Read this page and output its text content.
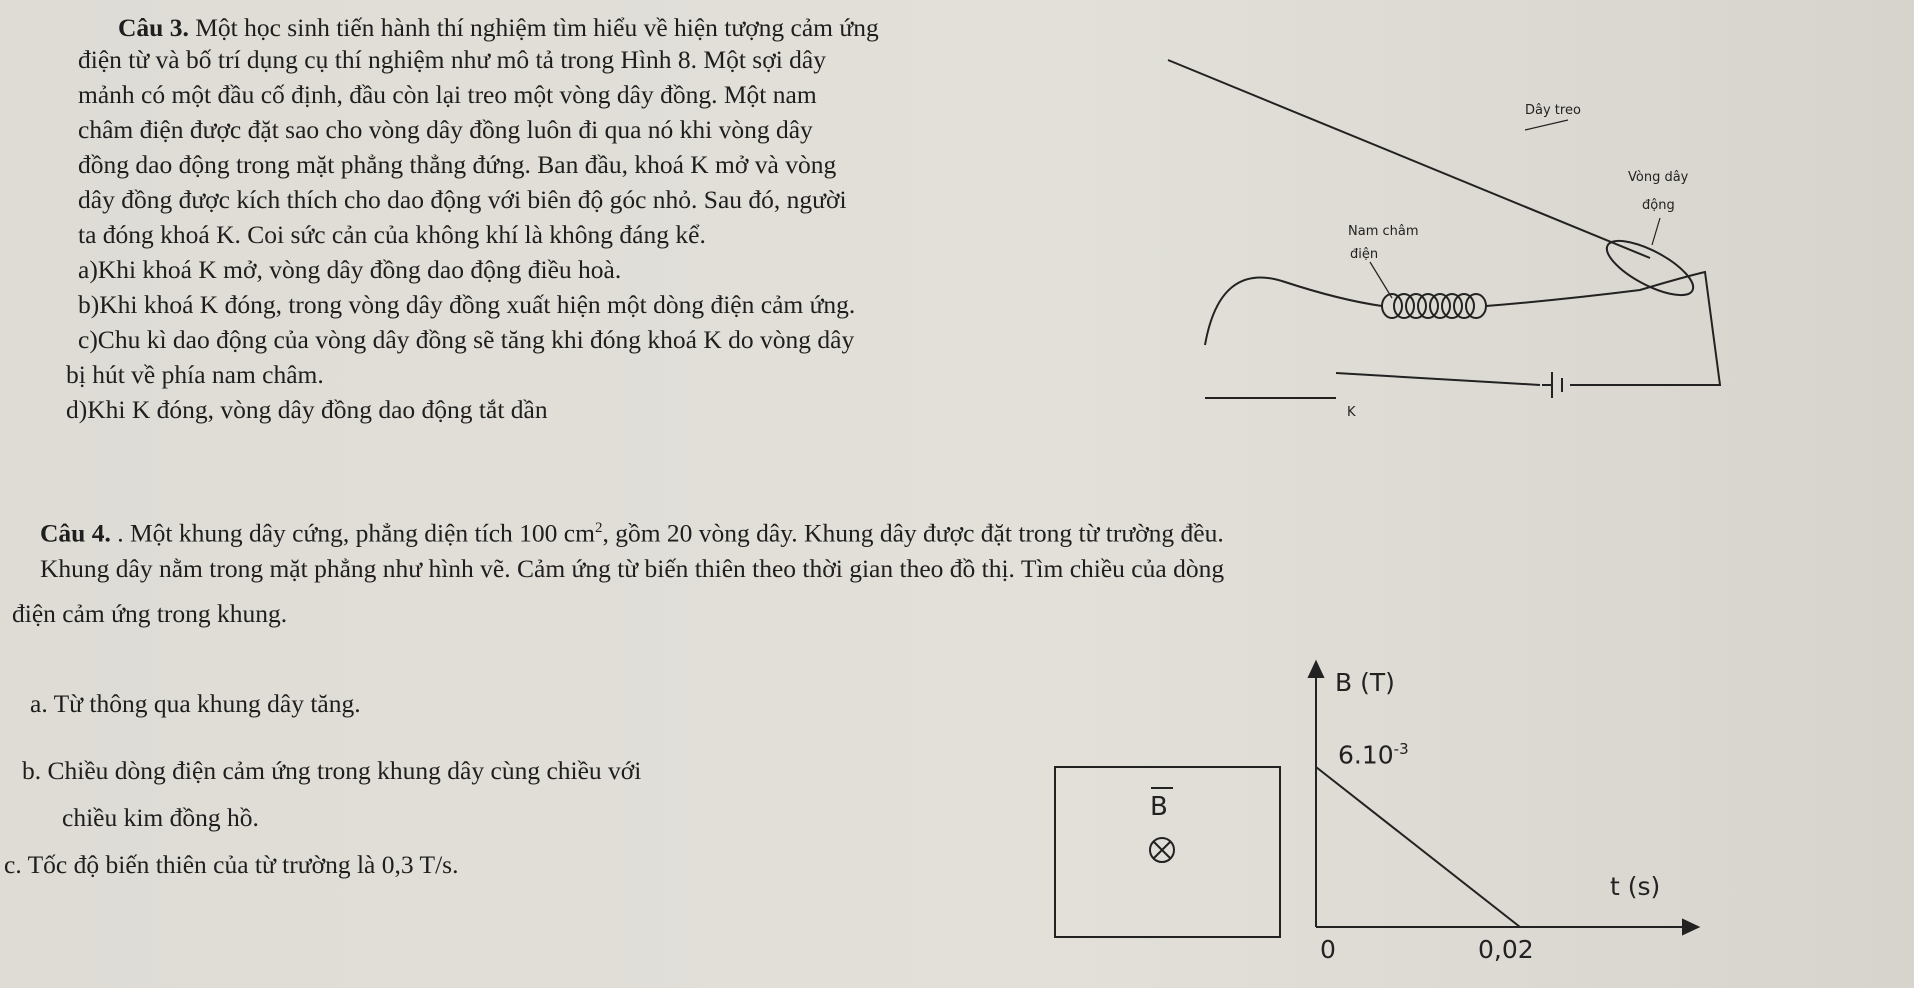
Câu 3. Một học sinh tiến hành thí nghiệm tìm hiểu về hiện tượng cảm ứng
điện từ và bố trí dụng cụ thí nghiệm như mô tả trong Hình 8. Một sợi dây
mảnh có một đầu cố định, đầu còn lại treo một vòng dây đồng. Một nam
châm điện được đặt sao cho vòng dây đồng luôn đi qua nó khi vòng dây
đồng dao động trong mặt phẳng thẳng đứng. Ban đầu, khoá K mở và vòng
dây đồng được kích thích cho dao động với biên độ góc nhỏ. Sau đó, người
ta đóng khoá K. Coi sức cản của không khí là không đáng kể.
a)Khi khoá K mở, vòng dây đồng dao động điều hoà.
b)Khi khoá K đóng, trong vòng dây đồng xuất hiện một dòng điện cảm ứng.
c)Chu kì dao động của vòng dây đồng sẽ tăng khi đóng khoá K do vòng dây
bị hút về phía nam châm.
d)Khi K đóng, vòng dây đồng dao động tắt dần
Dây treo
Vòng dây
động
Nam châm
điện
K
Câu 4. . Một khung dây cứng, phẳng diện tích 100 $cm^2$, gồm 20 vòng dây. Khung dây được đặt trong từ trường đều.
Khung dây nằm trong mặt phẳng như hình vẽ. Cảm ứng từ biến thiên theo thời gian theo đồ thị. Tìm chiều của dòng
điện cảm ứng trong khung.
a. Từ thông qua khung dây tăng.
b. Chiều dòng điện cảm ứng trong khung dây cùng chiều với
chiều kim đồng hồ.
c. Tốc độ biến thiên của từ trường là 0,3 T/s.
B
B (T)
$6.10^{-3}$
t (s)
0	0,02
